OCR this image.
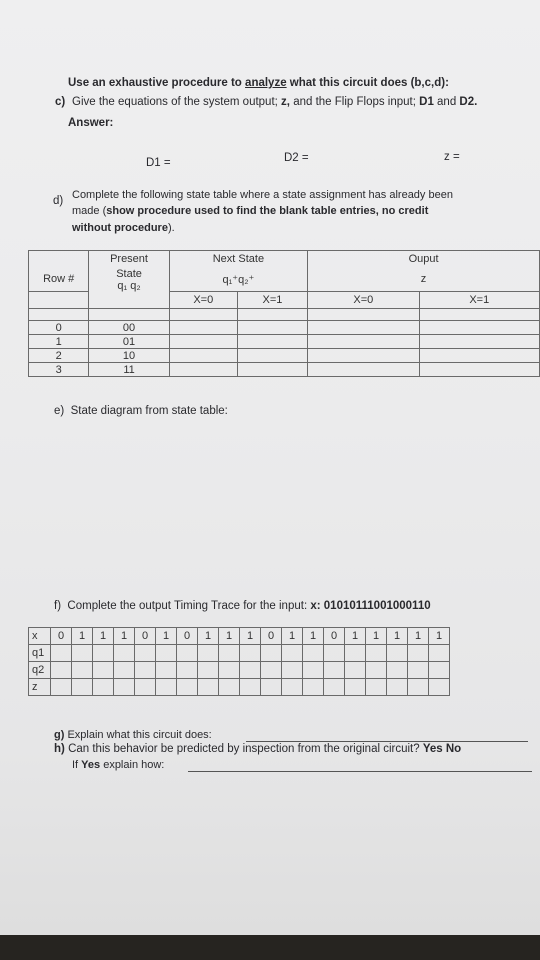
Use an exhaustive procedure to analyze what this circuit does (b,c,d):
c) Give the equations of the system output; z, and the Flip Flops input; D1 and D2.
Answer:
D1 =	D2 =	z =
d) Complete the following state table where a state assignment has already been
made (show procedure used to find the blank table entries, no credit
without procedure).
	Present	Next State		Ouput	
Row #	State
q₁ q₂	q₁⁺q₂⁺		z	
		X=0	X=1	X=0	X=1

0	00				
1	01				
2	10				
3	11				
e) State diagram from state table:
f) Complete the output Timing Trace for the input: x: 01010111001000110
x	0	1	1	1	0	1	0	1	1	1	0	1	1	0	1	1	1	1	1
q1																			
q2																			
z																			
g) Explain what this circuit does:
h) Can this behavior be predicted by inspection from the original circuit? Yes No
If Yes explain how:
